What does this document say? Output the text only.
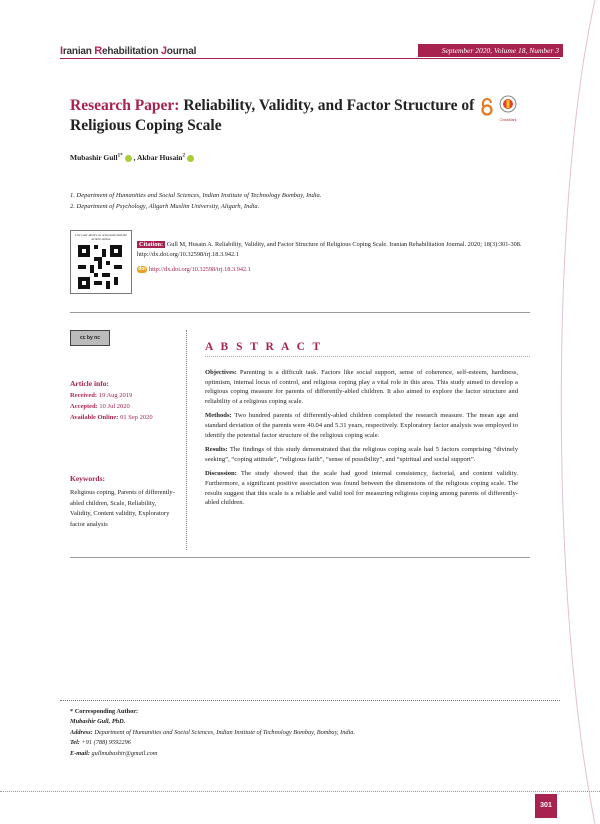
Iranian Rehabilitation Journal	September 2020, Volume 18, Number 3
Research Paper: Reliability, Validity, and Factor Structure of Religious Coping Scale	CrossMark
Mubashir Gull$^{1*}$ , Akbar Husain$^2$
1. Department of Humanities and Social Sciences, Indian Institute of Technology Bombay, India.
2. Department of Psychology, Aligarh Muslim University, Aligarh, India.
Use your device to scan and read the article online
Citation: Gull M, Husain A. Reliability, Validity, and Factor Structure of Religious Coping Scale. Iranian Rehabilitation Journal. 2020; 18(3):301-308. http://dx.doi.org/10.32598/irj.18.3.942.1
doi http://dx.doi.org/10.32598/irj.18.3.942.1
cc by nc
Article info:
Received: 19 Aug 2019
Accepted: 10 Jul 2020
Available Online: 01 Sep 2020
Keywords:
Religious coping, Parents of differently-abled children, Scale, Reliability, Validity, Content validity, Exploratory factor analysis
A B S T R A C T

Objectives: Parenting is a difficult task. Factors like social support, sense of coherence, self-esteem, hardiness, optimism, internal locus of control, and religious coping play a vital role in this area. This study aimed to develop a religious coping measure for parents of differently-abled children. It also aimed to explore the factor structure and reliability of a religious coping scale.

Methods: Two hundred parents of differently-abled children completed the research measure. The mean age and standard deviation of the parents were 40.04 and 5.31 years, respectively. Exploratory factor analysis was employed to identify the potential factor structure of the religious coping scale.

Results: The findings of this study demonstrated that the religious coping scale had 5 factors comprising “divinely seeking”, “coping attitude”, “religious faith”, “sense of possibility”, and “spiritual and social support”.

Discussion: The study showed that the scale had good internal consistency, factorial, and content validity. Furthermore, a significant positive association was found between the dimensions of the religious coping scale. The results suggest that this scale is a reliable and valid tool for measuring religious coping among parents of differently-abled children.

* Corresponding Author:
Mubashir Gull, PhD.
Address: Department of Humanities and Social Sciences, Indian Institute of Technology Bombay, Bombay, India.
Tel: +91 (788) 9592296
E-mail: gullmubashir@gmail.com
301
